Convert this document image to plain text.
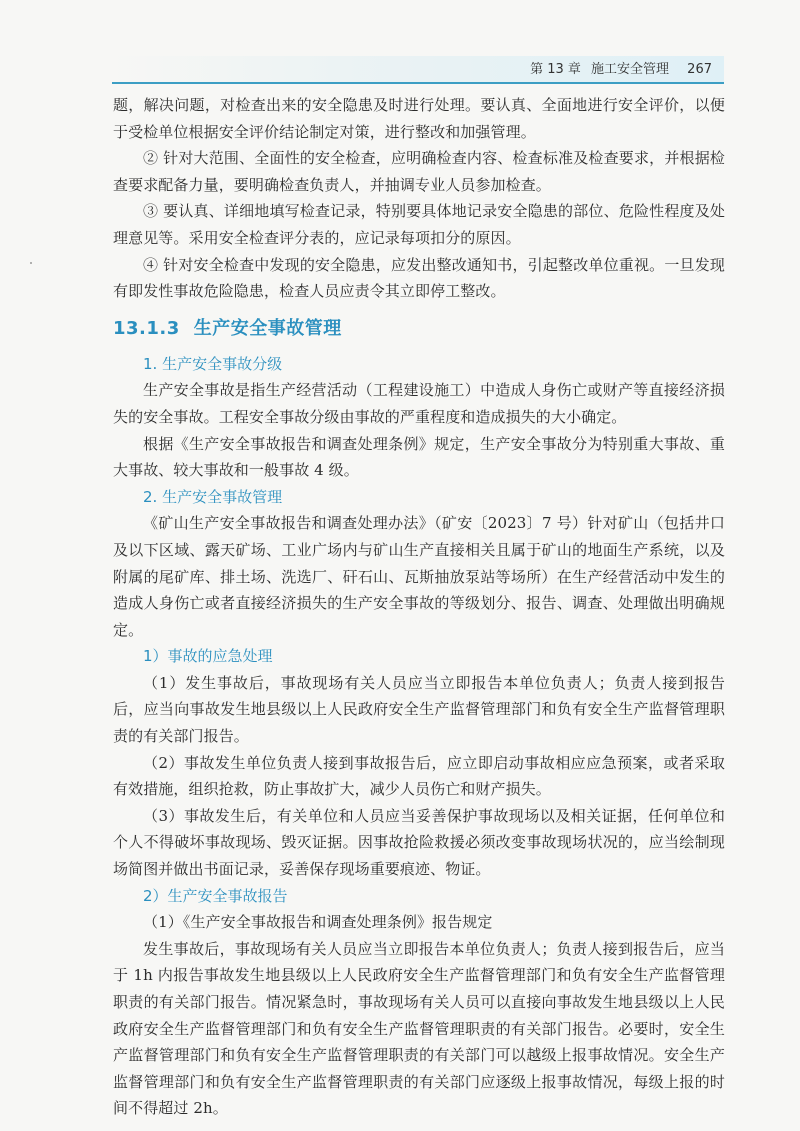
第 13 章 施工安全管理 267

题，解决问题，对检查出来的安全隐患及时进行处理。要认真、全面地进行安全评价，以便于受检单位根据安全评价结论制定对策，进行整改和加强管理。

② 针对大范围、全面性的安全检查，应明确检查内容、检查标准及检查要求，并根据检查要求配备力量，要明确检查负责人，并抽调专业人员参加检查。

③ 要认真、详细地填写检查记录，特别要具体地记录安全隐患的部位、危险性程度及处理意见等。采用安全检查评分表的，应记录每项扣分的原因。

④ 针对安全检查中发现的安全隐患，应发出整改通知书，引起整改单位重视。一旦发现有即发性事故危险隐患，检查人员应责令其立即停工整改。

13.1.3 生产安全事故管理
1. 生产安全事故分级

生产安全事故是指生产经营活动（工程建设施工）中造成人身伤亡或财产等直接经济损失的安全事故。工程安全事故分级由事故的严重程度和造成损失的大小确定。

根据《生产安全事故报告和调查处理条例》规定，生产安全事故分为特别重大事故、重大事故、较大事故和一般事故 4 级。

2. 生产安全事故管理

《矿山生产安全事故报告和调查处理办法》（矿安〔2023〕7 号）针对矿山（包括井口及以下区域、露天矿场、工业广场内与矿山生产直接相关且属于矿山的地面生产系统，以及附属的尾矿库、排土场、洗选厂、矸石山、瓦斯抽放泵站等场所）在生产经营活动中发生的造成人身伤亡或者直接经济损失的生产安全事故的等级划分、报告、调查、处理做出明确规定。

1）事故的应急处理

（1）发生事故后，事故现场有关人员应当立即报告本单位负责人；负责人接到报告后，应当向事故发生地县级以上人民政府安全生产监督管理部门和负有安全生产监督管理职责的有关部门报告。

（2）事故发生单位负责人接到事故报告后，应立即启动事故相应应急预案，或者采取有效措施，组织抢救，防止事故扩大，减少人员伤亡和财产损失。

（3）事故发生后，有关单位和人员应当妥善保护事故现场以及相关证据，任何单位和个人不得破坏事故现场、毁灭证据。因事故抢险救援必须改变事故现场状况的，应当绘制现场简图并做出书面记录，妥善保存现场重要痕迹、物证。

2）生产安全事故报告

（1）《生产安全事故报告和调查处理条例》报告规定

发生事故后，事故现场有关人员应当立即报告本单位负责人；负责人接到报告后，应当于 1h 内报告事故发生地县级以上人民政府安全生产监督管理部门和负有安全生产监督管理职责的有关部门报告。情况紧急时，事故现场有关人员可以直接向事故发生地县级以上人民政府安全生产监督管理部门和负有安全生产监督管理职责的有关部门报告。必要时，安全生产监督管理部门和负有安全生产监督管理职责的有关部门可以越级上报事故情况。安全生产监督管理部门和负有安全生产监督管理职责的有关部门应逐级上报事故情况，每级上报的时间不得超过 2h。
